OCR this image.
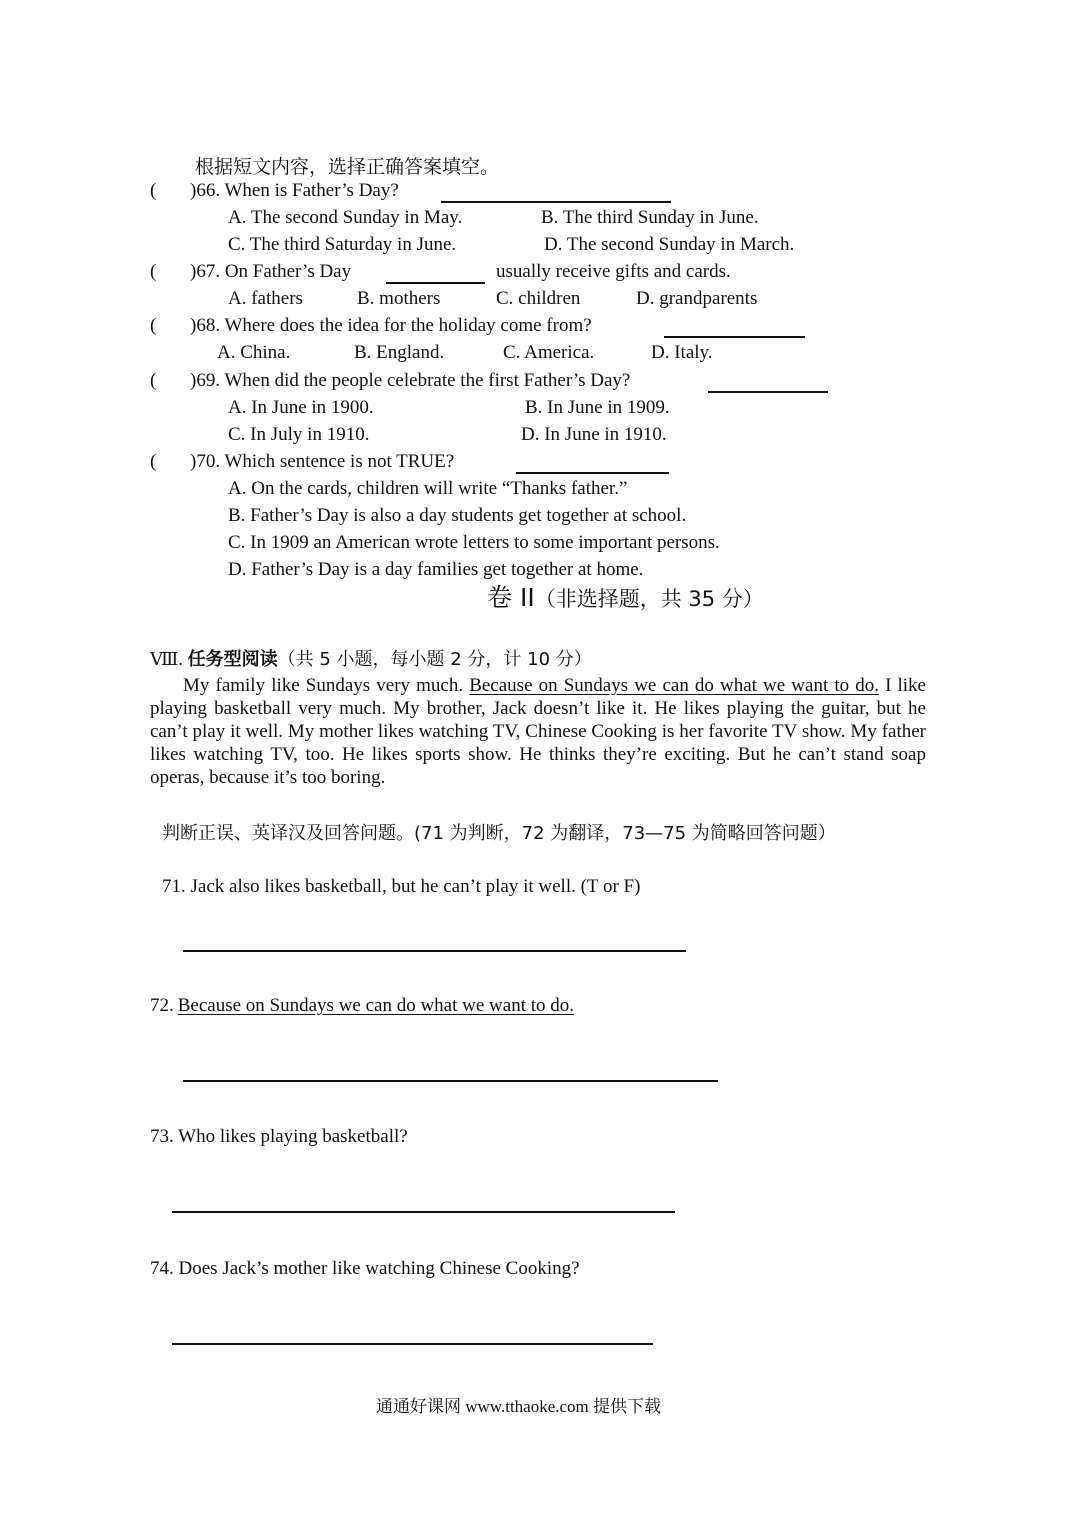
根据短文内容，选择正确答案填空。
( )66. When is Father’s Day?
A. The second Sunday in May.	B. The third Sunday in June.
C. The third Saturday in June.	D. The second Sunday in March.
( )67. On Father’s Day	usually receive gifts and cards.
A. fathers	B. mothers	C. children	D. grandparents
( )68. Where does the idea for the holiday come from?
A. China.	B. England.	C. America.	D. Italy.
( )69. When did the people celebrate the first Father’s Day?
A. In June in 1900.	B. In June in 1909.
C. In July in 1910.	D. In June in 1910.
( )70. Which sentence is not TRUE?
A. On the cards, children will write “Thanks father.”
B. Father’s Day is also a day students get together at school.
C. In 1909 an American wrote letters to some important persons.
D. Father’s Day is a day families get together at home.
卷 II（非选择题，共 35 分）
Ⅷ. 任务型阅读（共 5 小题，每小题 2 分，计 10 分）
My family like Sundays very much. Because on Sundays we can do what we want to do. I like playing basketball very much. My brother, Jack doesn’t like it. He likes playing the guitar, but he can’t play it well. My mother likes watching TV, Chinese Cooking is her favorite TV show. My father likes watching TV, too. He likes sports show. He thinks they’re exciting. But he can’t stand soap operas, because it’s too boring.
判断正误、英译汉及回答问题。(71 为判断，72 为翻译，73—75 为简略回答问题）
71. Jack also likes basketball, but he can’t play it well. (T or F)
72. Because on Sundays we can do what we want to do.
73. Who likes playing basketball?
74. Does Jack’s mother like watching Chinese Cooking?
通通好课网 www.tthaoke.com 提供下载
